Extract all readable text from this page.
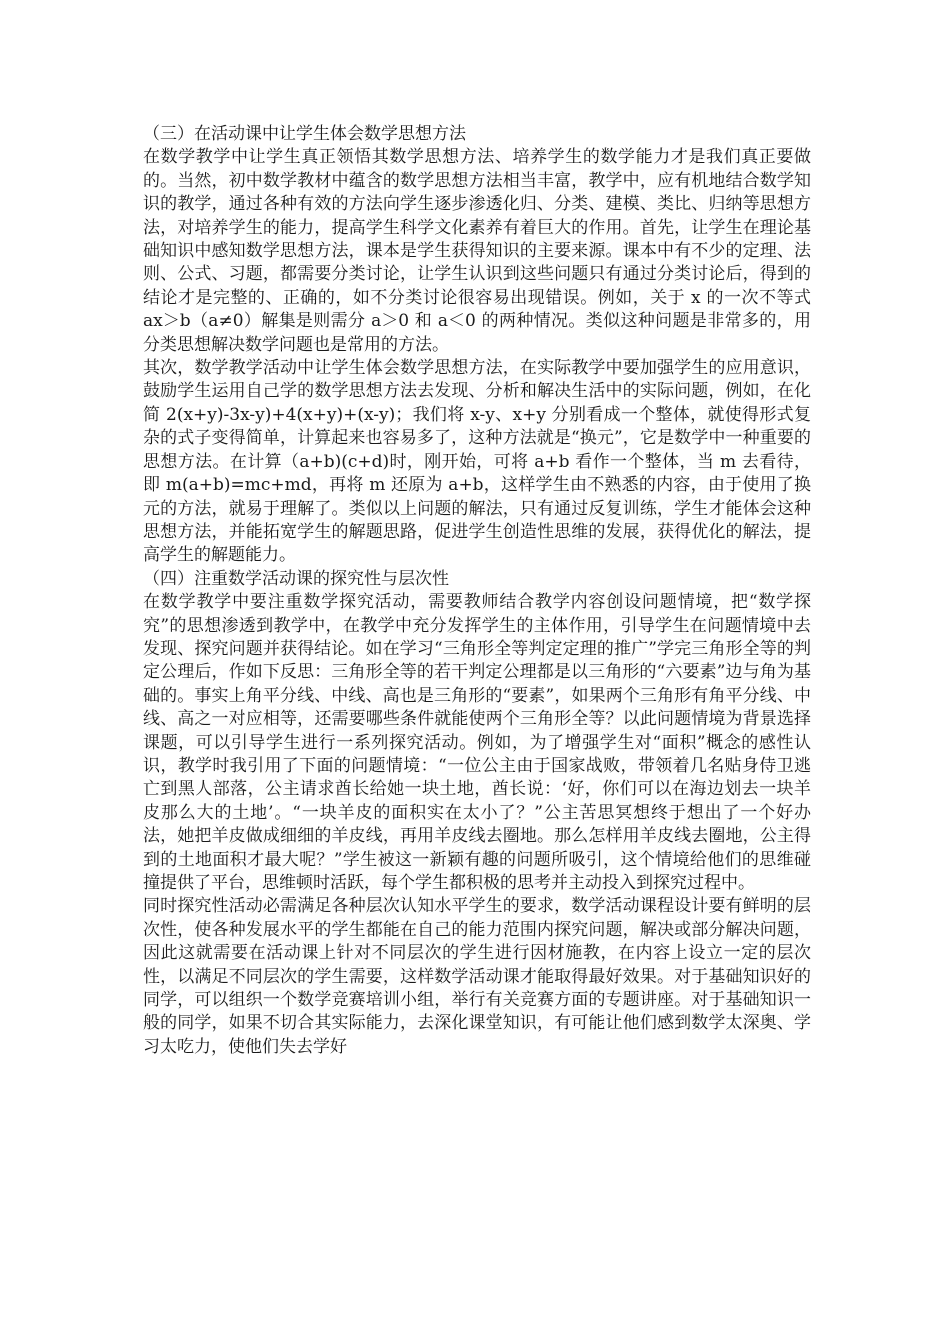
（三）在活动课中让学生体会数学思想方法

在数学教学中让学生真正领悟其数学思想方法、培养学生的数学能力才是我们真正要做的。当然，初中数学教材中蕴含的数学思想方法相当丰富，教学中，应有机地结合数学知识的教学，通过各种有效的方法向学生逐步渗透化归、分类、建模、类比、归纳等思想方法，对培养学生的能力，提高学生科学文化素养有着巨大的作用。首先，让学生在理论基础知识中感知数学思想方法，课本是学生获得知识的主要来源。课本中有不少的定理、法则、公式、习题，都需要分类讨论，让学生认识到这些问题只有通过分类讨论后，得到的结论才是完整的、正确的，如不分类讨论很容易出现错误。例如，关于 x 的一次不等式 ax＞b（a≠0）解集是则需分 a＞0 和 a＜0 的两种情况。类似这种问题是非常多的，用分类思想解决数学问题也是常用的方法。

其次，数学教学活动中让学生体会数学思想方法，在实际教学中要加强学生的应用意识，鼓励学生运用自己学的数学思想方法去发现、分析和解决生活中的实际问题，例如，在化简 2(x+y)-3x-y)+4(x+y)+(x-y)；我们将 x-y、x+y 分别看成一个整体，就使得形式复杂的式子变得简单，计算起来也容易多了，这种方法就是“换元”，它是数学中一种重要的思想方法。在计算（a+b)(c+d)时，刚开始，可将 a+b 看作一个整体，当 m 去看待，即 m(a+b)=mc+md，再将 m 还原为 a+b，这样学生由不熟悉的内容，由于使用了换元的方法，就易于理解了。类似以上问题的解法，只有通过反复训练，学生才能体会这种思想方法，并能拓宽学生的解题思路，促进学生创造性思维的发展，获得优化的解法，提高学生的解题能力。

（四）注重数学活动课的探究性与层次性

在数学教学中要注重数学探究活动，需要教师结合教学内容创设问题情境，把“数学探究”的思想渗透到教学中，在教学中充分发挥学生的主体作用，引导学生在问题情境中去发现、探究问题并获得结论。如在学习“三角形全等判定定理的推广”学完三角形全等的判定公理后，作如下反思：三角形全等的若干判定公理都是以三角形的“六要素”边与角为基础的。事实上角平分线、中线、高也是三角形的“要素”，如果两个三角形有角平分线、中线、高之一对应相等，还需要哪些条件就能使两个三角形全等？以此问题情境为背景选择课题，可以引导学生进行一系列探究活动。例如，为了增强学生对“面积”概念的感性认识，教学时我引用了下面的问题情境：“一位公主由于国家战败，带领着几名贴身侍卫逃亡到黑人部落，公主请求酋长给她一块土地，酋长说：‘好，你们可以在海边划去一块羊皮那么大的土地’。“一块羊皮的面积实在太小了？”公主苦思冥想终于想出了一个好办法，她把羊皮做成细细的羊皮线，再用羊皮线去圈地。那么怎样用羊皮线去圈地，公主得到的土地面积才最大呢？”学生被这一新颖有趣的问题所吸引，这个情境给他们的思维碰撞提供了平台，思维顿时活跃，每个学生都积极的思考并主动投入到探究过程中。

同时探究性活动必需满足各种层次认知水平学生的要求，数学活动课程设计要有鲜明的层次性，使各种发展水平的学生都能在自己的能力范围内探究问题，解决或部分解决问题，因此这就需要在活动课上针对不同层次的学生进行因材施教，在内容上设立一定的层次性，以满足不同层次的学生需要，这样数学活动课才能取得最好效果。对于基础知识好的同学，可以组织一个数学竞赛培训小组，举行有关竞赛方面的专题讲座。对于基础知识一般的同学，如果不切合其实际能力，去深化课堂知识，有可能让他们感到数学太深奥、学习太吃力，使他们失去学好
